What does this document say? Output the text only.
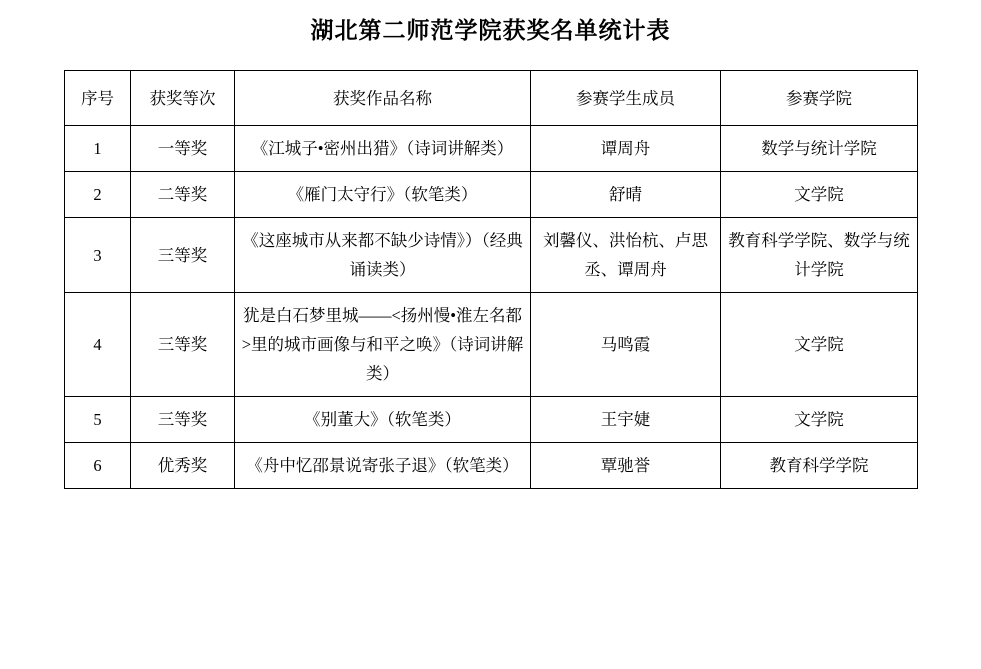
湖北第二师范学院获奖名单统计表
序号	获奖等次	获奖作品名称	参赛学生成员	参赛学院
1	一等奖	《江城子•密州出猎》（诗词讲解类）	谭周舟	数学与统计学院
2	二等奖	《雁门太守行》（软笔类）	舒晴	文学院
3	三等奖	《这座城市从来都不缺少诗情》）（经典诵读类）	刘馨仪、洪怡杭、卢思丞、谭周舟	教育科学学院、数学与统计学院
4	三等奖	犹是白石梦里城——<扬州慢•淮左名都>里的城市画像与和平之唤》（诗词讲解类）	马鸣霞	文学院
5	三等奖	《别董大》（软笔类）	王宇婕	文学院
6	优秀奖	《舟中忆邵景说寄张子退》（软笔类）	覃驰誉	教育科学学院
